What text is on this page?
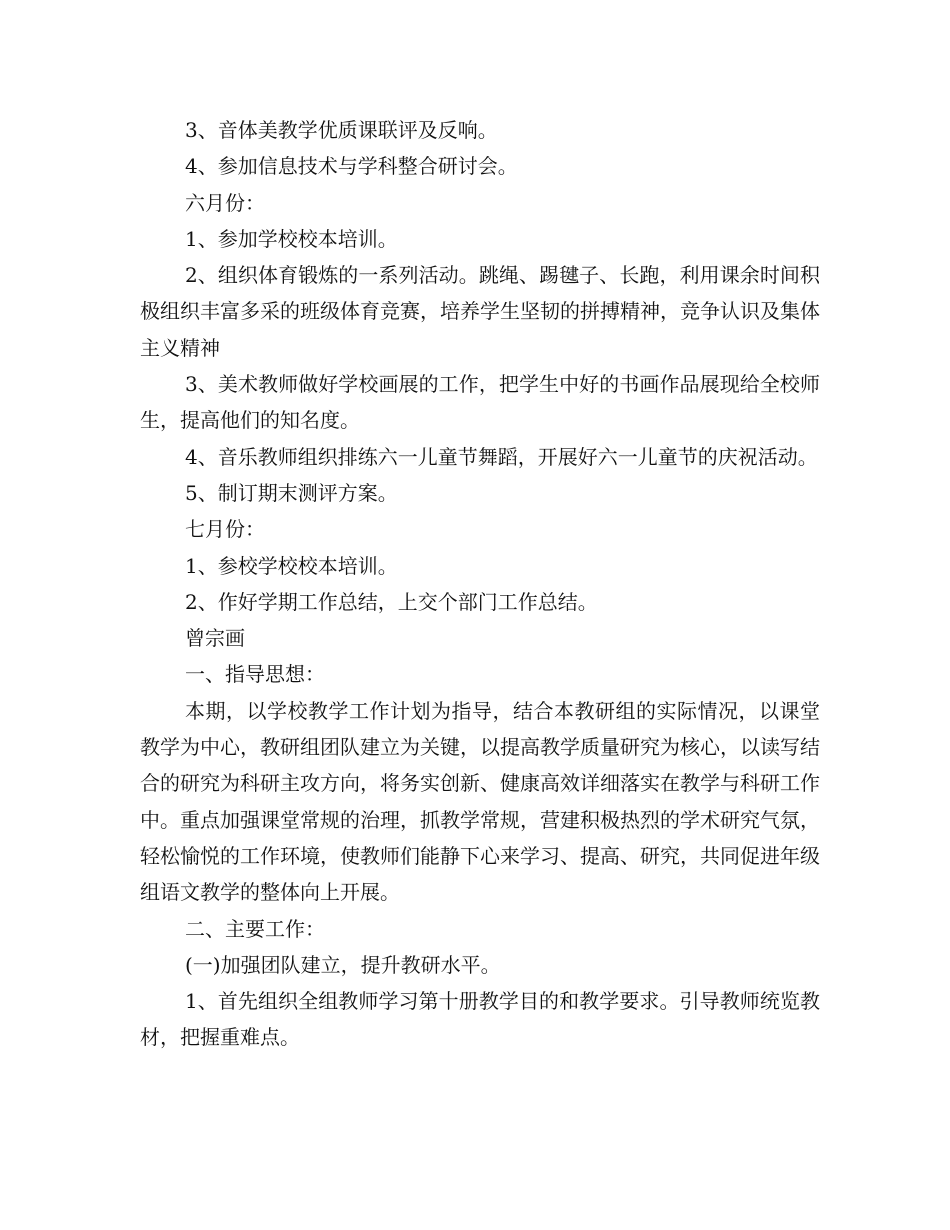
3、音体美教学优质课联评及反响。

4、参加信息技术与学科整合研讨会。

六月份：

1、参加学校校本培训。

2、组织体育锻炼的一系列活动。跳绳、踢毽子、长跑，利用课余时间积极组织丰富多采的班级体育竞赛，培养学生坚韧的拼搏精神，竞争认识及集体主义精神

3、美术教师做好学校画展的工作，把学生中好的书画作品展现给全校师生，提高他们的知名度。

4、音乐教师组织排练六一儿童节舞蹈，开展好六一儿童节的庆祝活动。

5、制订期末测评方案。

七月份：

1、参校学校校本培训。

2、作好学期工作总结，上交个部门工作总结。

曾宗画

一、指导思想：

本期，以学校教学工作计划为指导，结合本教研组的实际情况，以课堂教学为中心，教研组团队建立为关键，以提高教学质量研究为核心，以读写结合的研究为科研主攻方向，将务实创新、健康高效详细落实在教学与科研工作中。重点加强课堂常规的治理，抓教学常规，营建积极热烈的学术研究气氛，轻松愉悦的工作环境，使教师们能静下心来学习、提高、研究，共同促进年级组语文教学的整体向上开展。

二、主要工作：

(一)加强团队建立，提升教研水平。

1、首先组织全组教师学习第十册教学目的和教学要求。引导教师统览教材，把握重难点。
